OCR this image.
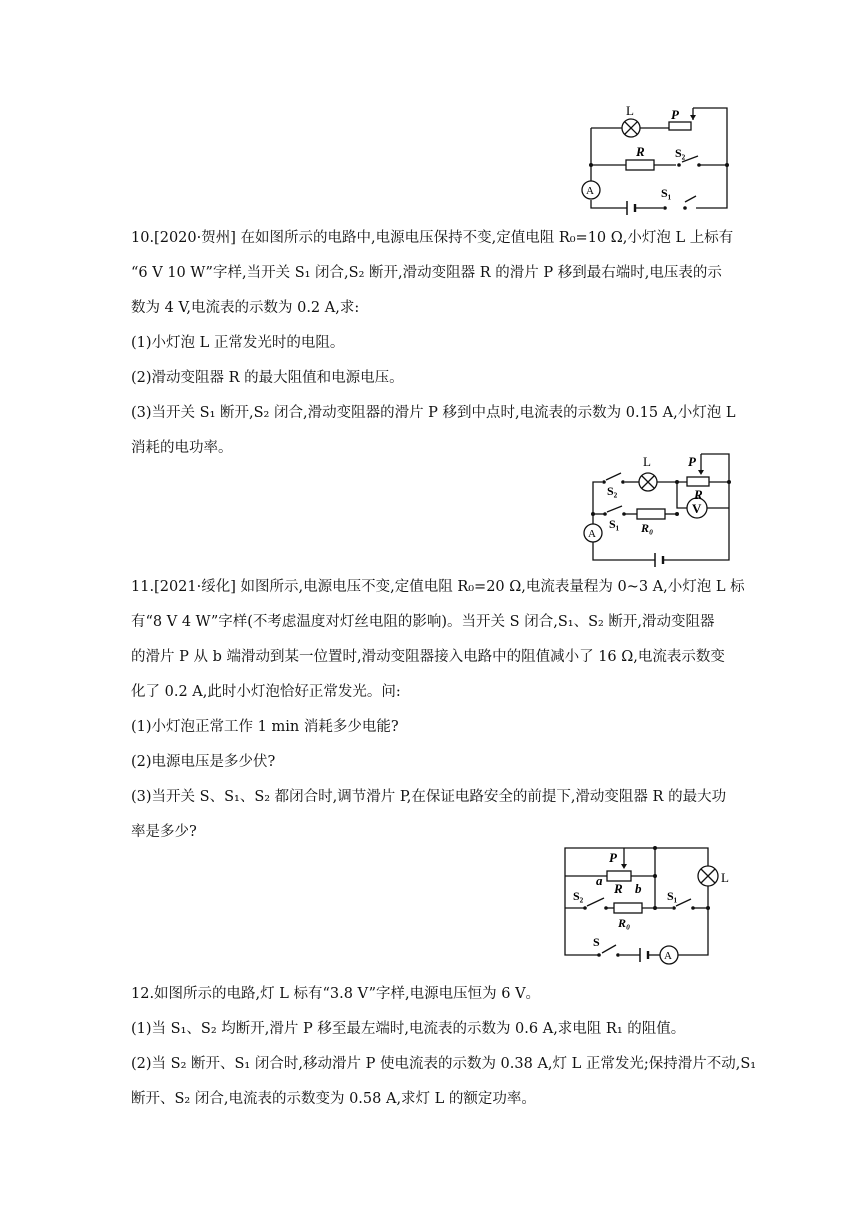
L	P
R	S₂
S₁
A
10.[2020·贺州] 在如图所示的电路中,电源电压保持不变,定值电阻 R₀=10 Ω,小灯泡 L 上标有
“6 V 10 W”字样,当开关 S₁ 闭合,S₂ 断开,滑动变阻器 R 的滑片 P 移到最右端时,电压表的示
数为 4 V,电流表的示数为 0.2 A,求:
(1)小灯泡 L 正常发光时的电阻。
(2)滑动变阻器 R 的最大阻值和电源电压。
(3)当开关 S₁ 断开,S₂ 闭合,滑动变阻器的滑片 P 移到中点时,电流表的示数为 0.15 A,小灯泡 L
消耗的电功率。
L	P
R
S₂
S₁ R₀
V
A
11.[2021·绥化] 如图所示,电源电压不变,定值电阻 R₀=20 Ω,电流表量程为 0~3 A,小灯泡 L 标
有“8 V 4 W”字样(不考虑温度对灯丝电阻的影响)。当开关 S 闭合,S₁、S₂ 断开,滑动变阻器
的滑片 P 从 b 端滑动到某一位置时,滑动变阻器接入电路中的阻值减小了 16 Ω,电流表示数变
化了 0.2 A,此时小灯泡恰好正常发光。问:
(1)小灯泡正常工作 1 min 消耗多少电能?
(2)电源电压是多少伏?
(3)当开关 S、S₁、S₂ 都闭合时,调节滑片 P,在保证电路安全的前提下,滑动变阻器 R 的最大功
率是多少?
P
a
R b
L
S₂	S₁
R₀
S
A
12.如图所示的电路,灯 L 标有“3.8 V”字样,电源电压恒为 6 V。
(1)当 S₁、S₂ 均断开,滑片 P 移至最左端时,电流表的示数为 0.6 A,求电阻 R₁ 的阻值。
(2)当 S₂ 断开、S₁ 闭合时,移动滑片 P 使电流表的示数为 0.38 A,灯 L 正常发光;保持滑片不动,S₁
断开、S₂ 闭合,电流表的示数变为 0.58 A,求灯 L 的额定功率。
